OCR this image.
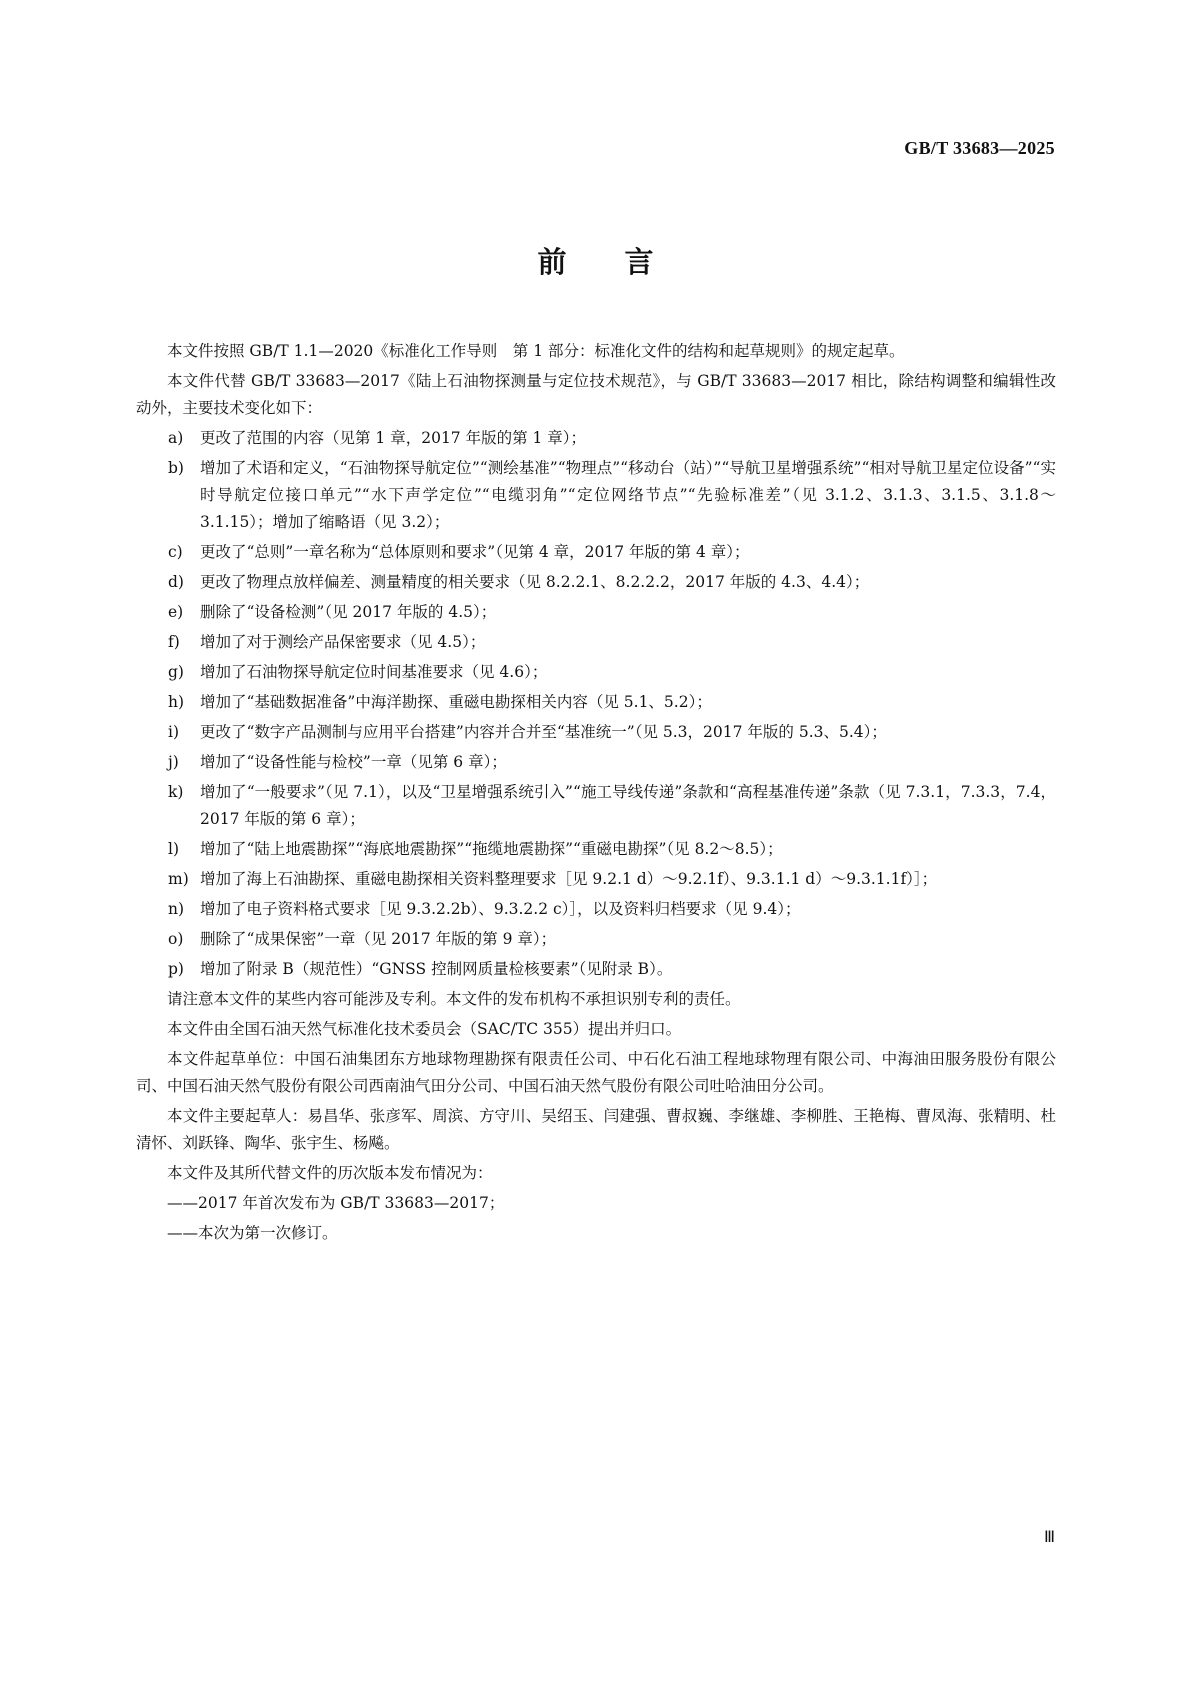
GB/T 33683—2025
前 言

本文件按照 GB/T 1.1—2020《标准化工作导则　第 1 部分：标准化文件的结构和起草规则》的规定起草。

本文件代替 GB/T 33683—2017《陆上石油物探测量与定位技术规范》，与 GB/T 33683—2017 相比，除结构调整和编辑性改动外，主要技术变化如下：

a) 更改了范围的内容（见第 1 章，2017 年版的第 1 章）；
b) 增加了术语和定义，“石油物探导航定位”“测绘基准”“物理点”“移动台（站）”“导航卫星增强系统”“相对导航卫星定位设备”“实时导航定位接口单元”“水下声学定位”“电缆羽角”“定位网络节点”“先验标准差”（见 3.1.2、3.1.3、3.1.5、3.1.8～3.1.15）；增加了缩略语（见 3.2）；
c) 更改了“总则”一章名称为“总体原则和要求”（见第 4 章，2017 年版的第 4 章）；
d) 更改了物理点放样偏差、测量精度的相关要求（见 8.2.2.1、8.2.2.2，2017 年版的 4.3、4.4）；
e) 删除了“设备检测”（见 2017 年版的 4.5）；
f) 增加了对于测绘产品保密要求（见 4.5）；
g) 增加了石油物探导航定位时间基准要求（见 4.6）；
h) 增加了“基础数据准备”中海洋勘探、重磁电勘探相关内容（见 5.1、5.2）；
i) 更改了“数字产品测制与应用平台搭建”内容并合并至“基准统一”（见 5.3，2017 年版的 5.3、5.4）；
j) 增加了“设备性能与检校”一章（见第 6 章）；
k) 增加了“一般要求”（见 7.1），以及“卫星增强系统引入”“施工导线传递”条款和“高程基准传递”条款（见 7.3.1，7.3.3，7.4，2017 年版的第 6 章）；
l) 增加了“陆上地震勘探”“海底地震勘探”“拖缆地震勘探”“重磁电勘探”（见 8.2～8.5）；
m) 增加了海上石油勘探、重磁电勘探相关资料整理要求［见 9.2.1 d）～9.2.1f）、9.3.1.1 d）～9.3.1.1f）］；
n) 增加了电子资料格式要求［见 9.3.2.2b）、9.3.2.2 c）］，以及资料归档要求（见 9.4）；
o) 删除了“成果保密”一章（见 2017 年版的第 9 章）；
p) 增加了附录 B（规范性）“GNSS 控制网质量检核要素”（见附录 B）。

请注意本文件的某些内容可能涉及专利。本文件的发布机构不承担识别专利的责任。

本文件由全国石油天然气标准化技术委员会（SAC/TC 355）提出并归口。

本文件起草单位：中国石油集团东方地球物理勘探有限责任公司、中石化石油工程地球物理有限公司、中海油田服务股份有限公司、中国石油天然气股份有限公司西南油气田分公司、中国石油天然气股份有限公司吐哈油田分公司。

本文件主要起草人：易昌华、张彦军、周滨、方守川、吴绍玉、闫建强、曹叔巍、李继雄、李柳胜、王艳梅、曹凤海、张精明、杜清怀、刘跃锋、陶华、张宇生、杨飚。

本文件及其所代替文件的历次版本发布情况为：

——2017 年首次发布为 GB/T 33683—2017；

——本次为第一次修订。

Ⅲ
